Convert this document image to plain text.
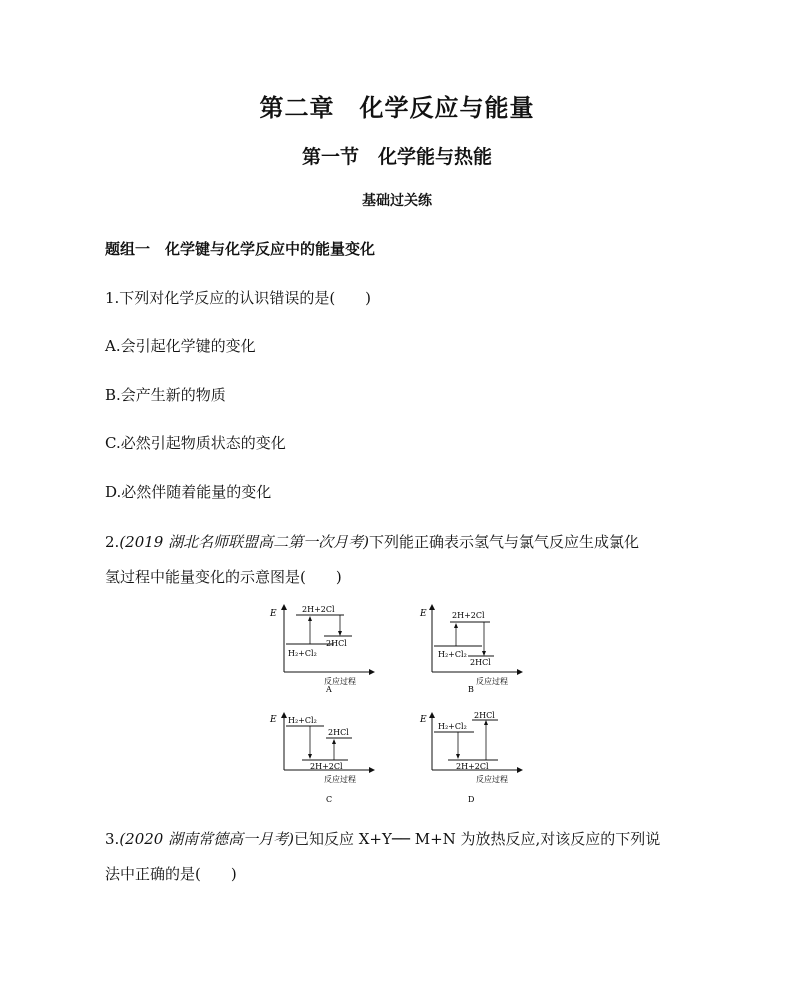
第二章　化学反应与能量
第一节　化学能与热能
基础过关练
题组一　化学键与化学反应中的能量变化
1.下列对化学反应的认识错误的是(　　)
A.会引起化学键的变化
B.会产生新的物质
C.必然引起物质状态的变化
D.必然伴随着能量的变化
2.(2019 湖北名师联盟高二第一次月考)下列能正确表示氢气与氯气反应生成氯化
氢过程中能量变化的示意图是(　　)
E
反应过程
H₂+Cl₂
2H+2Cl
2HCl
A
E
反应过程
H₂+Cl₂
2H+2Cl
2HCl
B
E
反应过程
H₂+Cl₂
2H+2Cl
2HCl
C
E
反应过程
H₂+Cl₂
2H+2Cl
2HCl
D
3.(2020 湖南常德高一月考)已知反应 X+Y── M+N 为放热反应,对该反应的下列说
法中正确的是(　　)
